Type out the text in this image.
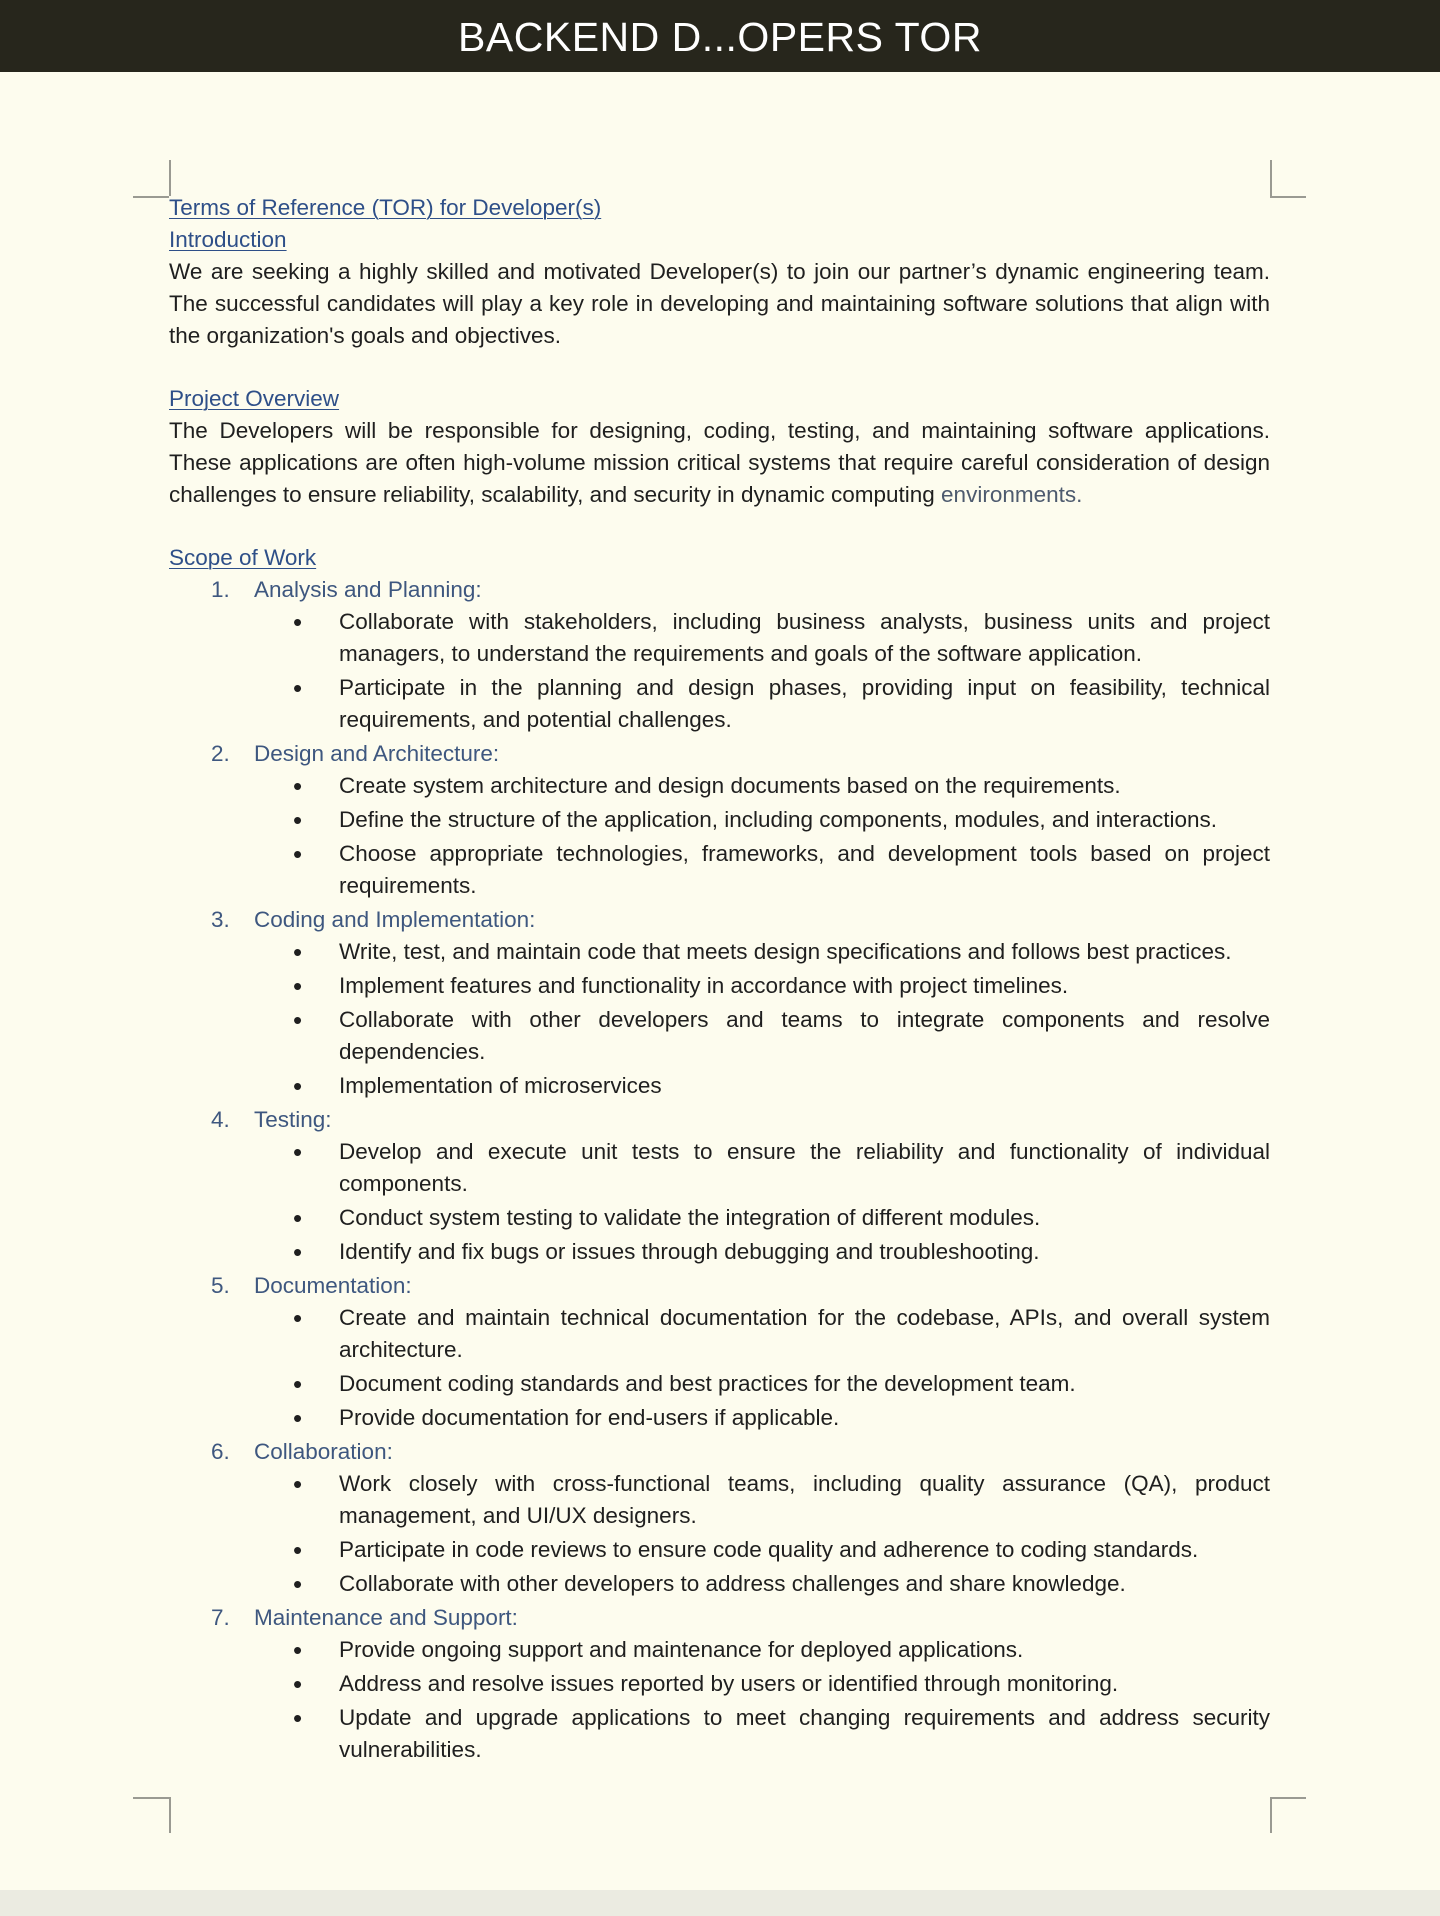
BACKEND D...OPERS TOR
Terms of Reference (TOR) for Developer(s)
Introduction

We are seeking a highly skilled and motivated Developer(s) to join our partner’s dynamic engineering team. The successful candidates will play a key role in developing and maintaining software solutions that align with the organization's goals and objectives.

Project Overview

The Developers will be responsible for designing, coding, testing, and maintaining software applications. These applications are often high-volume mission critical systems that require careful consideration of design challenges to ensure reliability, scalability, and security in dynamic computing environments.

Scope of Work
1. Analysis and Planning:
• Collaborate with stakeholders, including business analysts, business units and project managers, to understand the requirements and goals of the software application.
• Participate in the planning and design phases, providing input on feasibility, technical requirements, and potential challenges.
2. Design and Architecture:
• Create system architecture and design documents based on the requirements.
• Define the structure of the application, including components, modules, and interactions.
• Choose appropriate technologies, frameworks, and development tools based on project requirements.
3. Coding and Implementation:
• Write, test, and maintain code that meets design specifications and follows best practices.
• Implement features and functionality in accordance with project timelines.
• Collaborate with other developers and teams to integrate components and resolve dependencies.
• Implementation of microservices
4. Testing:
• Develop and execute unit tests to ensure the reliability and functionality of individual components.
• Conduct system testing to validate the integration of different modules.
• Identify and fix bugs or issues through debugging and troubleshooting.
5. Documentation:
• Create and maintain technical documentation for the codebase, APIs, and overall system architecture.
• Document coding standards and best practices for the development team.
• Provide documentation for end-users if applicable.
6. Collaboration:
• Work closely with cross-functional teams, including quality assurance (QA), product management, and UI/UX designers.
• Participate in code reviews to ensure code quality and adherence to coding standards.
• Collaborate with other developers to address challenges and share knowledge.
7. Maintenance and Support:
• Provide ongoing support and maintenance for deployed applications.
• Address and resolve issues reported by users or identified through monitoring.
• Update and upgrade applications to meet changing requirements and address security vulnerabilities.
